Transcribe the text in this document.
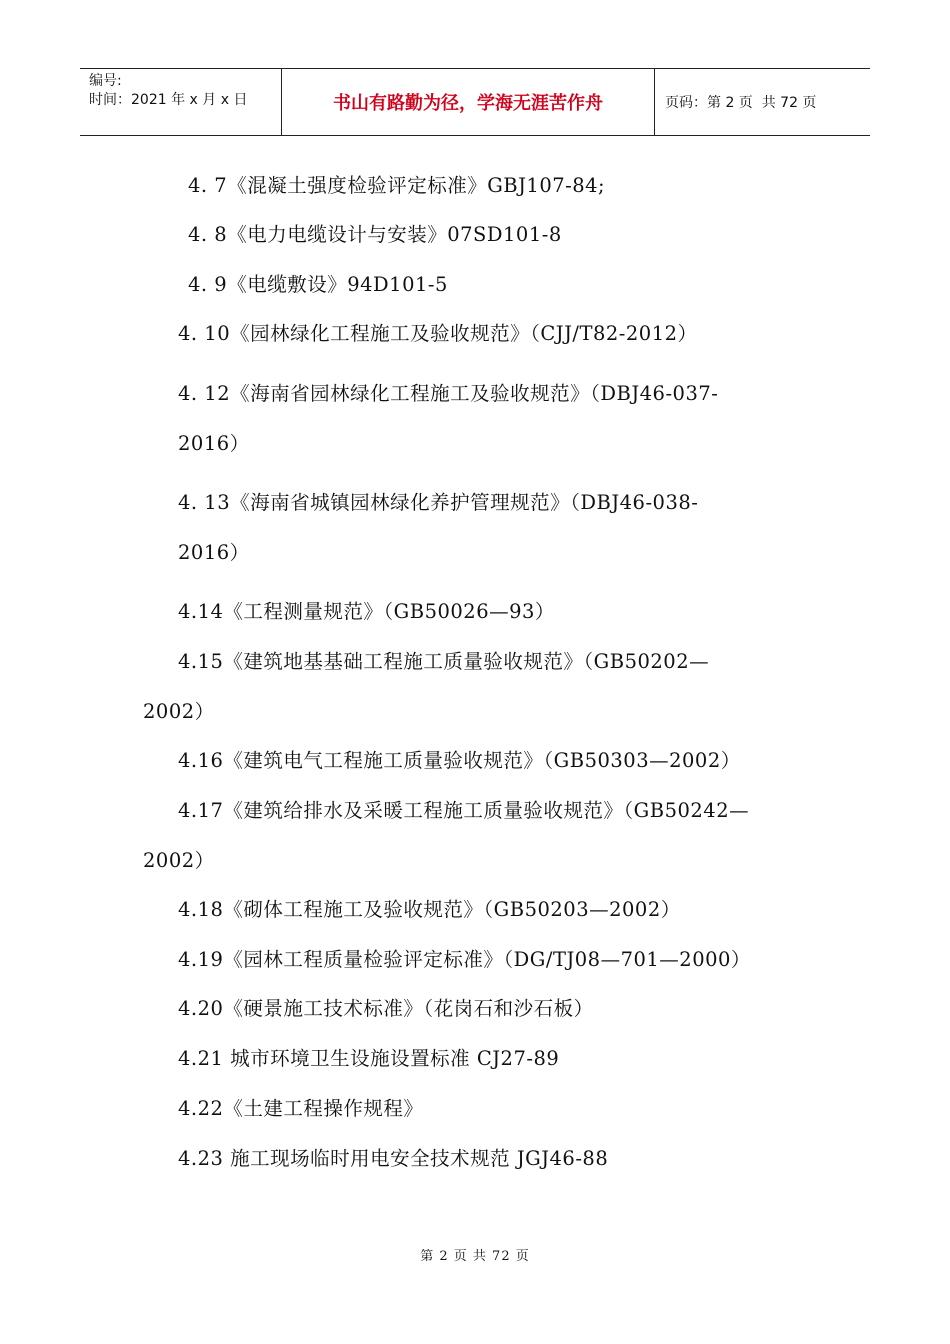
编号:
时间：2021 年 x 月 x 日	书山有路勤为径，学海无涯苦作舟	页码：第 2 页  共 72 页
4. 7《混凝土强度检验评定标准》GBJ107-84;
4. 8《电力电缆设计与安装》07SD101-8
4. 9《电缆敷设》94D101-5
4. 10《园林绿化工程施工及验收规范》（CJJ/T82-2012）
4. 12《海南省园林绿化工程施工及验收规范》（DBJ46-037-
2016）
4. 13《海南省城镇园林绿化养护管理规范》（DBJ46-038-
2016）
4.14《工程测量规范》（GB50026—93）
4.15《建筑地基基础工程施工质量验收规范》（GB50202—
2002）
4.16《建筑电气工程施工质量验收规范》（GB50303—2002）
4.17《建筑给排水及采暖工程施工质量验收规范》（GB50242—
2002）
4.18《砌体工程施工及验收规范》（GB50203—2002）
4.19《园林工程质量检验评定标准》（DG/TJ08—701—2000）
4.20《硬景施工技术标准》（花岗石和沙石板）
4.21 城市环境卫生设施设置标准 CJ27-89
4.22《土建工程操作规程》
4.23 施工现场临时用电安全技术规范 JGJ46-88
第 2 页 共 72 页
